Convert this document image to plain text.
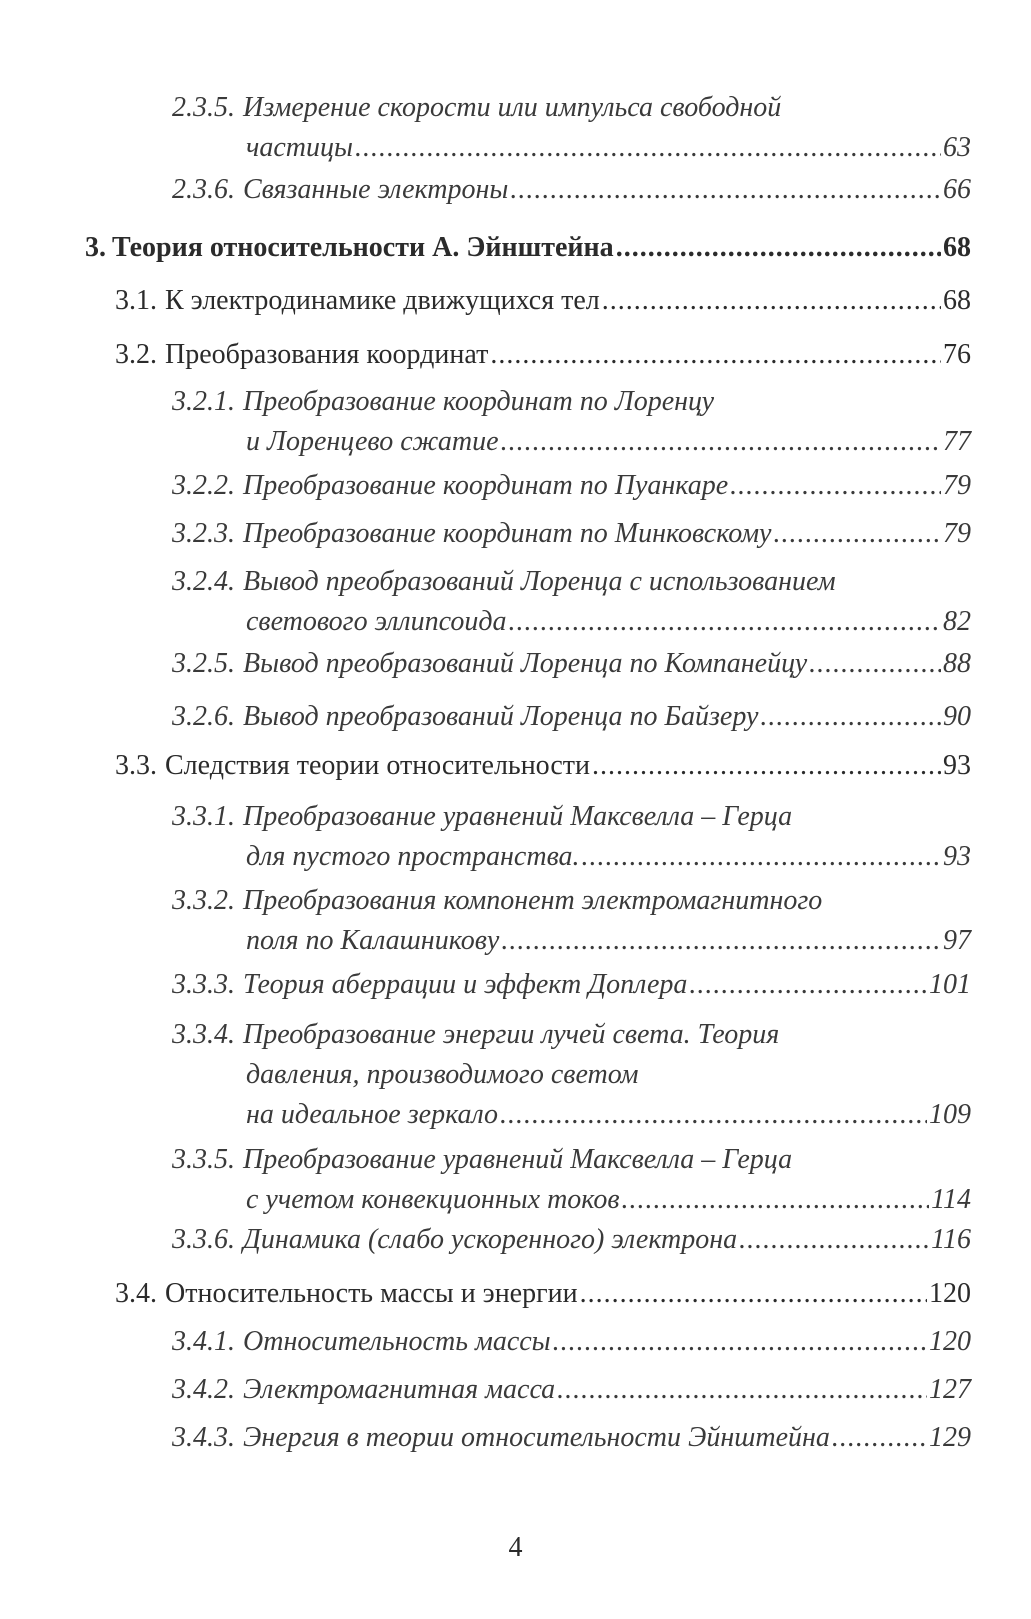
2.3.5. Измерение скорости или импульса свободной
частицы .....	63
2.3.6. Связанные электроны .....	66
3. Теория относительности А. Эйнштейна .....	68
3.1. К электродинамике движущихся тел .....	68
3.2. Преобразования координат .....	76
3.2.1. Преобразование координат по Лоренцу
и Лоренцево сжатие .....	77
3.2.2. Преобразование координат по Пуанкаре .....	79
3.2.3. Преобразование координат по Минковскому .....	79
3.2.4. Вывод преобразований Лоренца с использованием
светового эллипсоида .....	82
3.2.5. Вывод преобразований Лоренца по Компанейцу .....	88
3.2.6. Вывод преобразований Лоренца по Байзеру .....	90
3.3. Следствия теории относительности .....	93
3.3.1. Преобразование уравнений Максвелла – Герца
для пустого пространства. .....	93
3.3.2. Преобразования компонент электромагнитного
поля по Калашникову .....	97
3.3.3. Теория аберрации и эффект Доплера .....	101
3.3.4. Преобразование энергии лучей света. Теория
давления, производимого светом
на идеальное зеркало .....	109
3.3.5. Преобразование уравнений Максвелла – Герца
с учетом конвекционных токов .....	114
3.3.6. Динамика (слабо ускоренного) электрона .....	116
3.4. Относительность массы и энергии .....	120
3.4.1. Относительность массы .....	120
3.4.2. Электромагнитная масса .....	127
3.4.3. Энергия в теории относительности Эйнштейна .....	129
4
